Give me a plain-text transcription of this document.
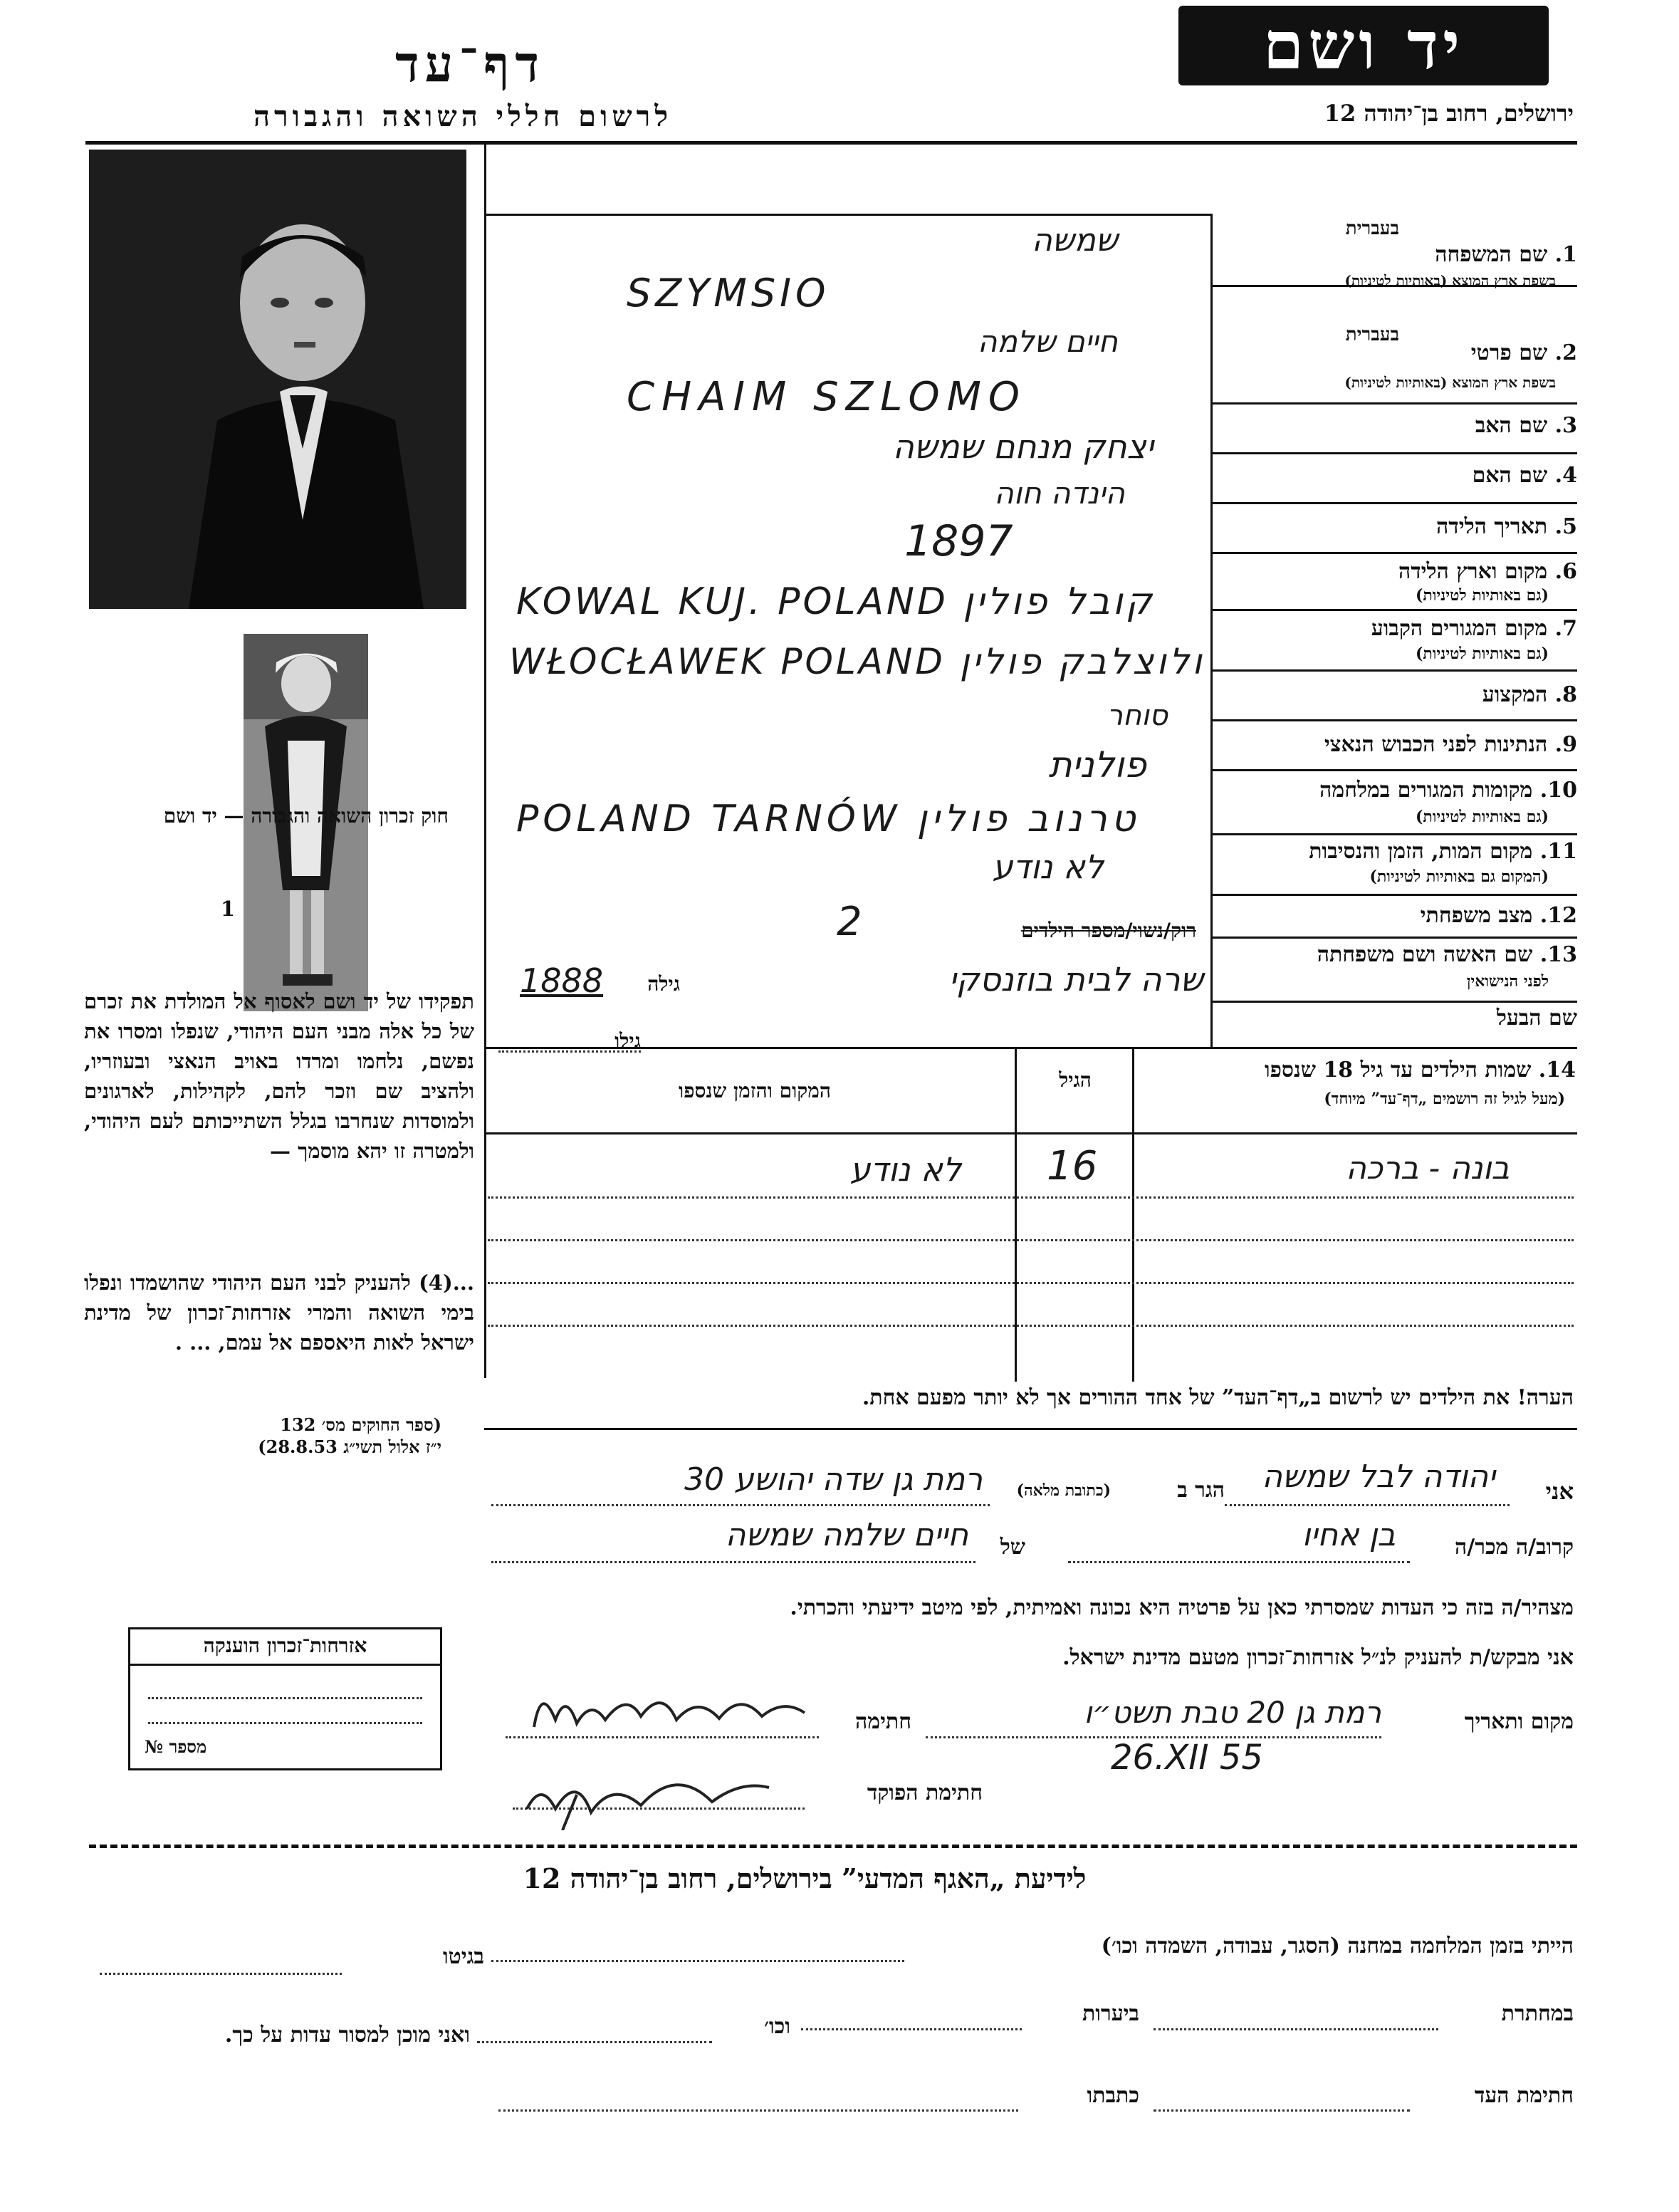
יד ושם
דף־עד
לרשום חללי השואה והגבורה	ירושלים, רחוב בן־יהודה 12
חוק זכרון השואה והגבורה — יד ושם
1
תפקידו של יד ושם לאסוף אל המולדת את זכרם של כל אלה מבני העם היהודי, שנפלו ומסרו את נפשם, נלחמו ומרדו באויב הנאצי ובעוזריו, ולהציב שם וזכר להם, לקהילות, לארגונים ולמוסדות שנחרבו בגלל השתייכותם לעם היהודי, ולמטרה זו יהא מוסמך —
...(4) להעניק לבני העם היהודי שהושמדו ונפלו בימי השואה והמרי אזרחות־זכרון של מדינת ישראל לאות היאספם אל עמם, ... .
(ספר החוקים מס׳ 132
י״ז אלול תשי״ג 28.8.53)
אזרחות־זכרון הוענקה
מספר №
1. שם המשפחה
בעברית
בשפת ארץ המוצא (באותיות לטיניות)
בעברית
2. שם פרטי
בשפת ארץ המוצא (באותיות לטיניות)
3. שם האב
4. שם האם
5. תאריך הלידה
6. מקום וארץ הלידה
(גם באותיות לטיניות)
7. מקום המגורים הקבוע
(גם באותיות לטיניות)
8. המקצוע
9. הנתינות לפני הכבוש הנאצי
10. מקומות המגורים במלחמה
(גם באותיות לטיניות)
11. מקום המות, הזמן והנסיבות
(המקום גם באותיות לטיניות)
12. מצב משפחתי
13. שם האשה ושם משפחתה
לפני הנישואין
שם הבעל
שמשה
SZYMSIO
חיים שלמה
CHAIM SZLOMO
יצחק מנחם שמשה
הינדה חוה
1897
KOWAL KUJ. POLAND קובל פולין
WŁOCŁAWEK POLAND ולוצלבק פולין
סוחר
פולנית
POLAND TARNÓW טרנוב פולין
לא נודע
רוק/נשוי/מספר הילדים
2
שרה לבית בוזנסקי
גילה
1888
גילו
14. שמות הילדים עד גיל 18 שנספו
(מעל לגיל זה רושמים „דף־עד” מיוחד)
הגיל
המקום והזמן שנספו
בונה - ברכה
16
לא נודע
הערה! את הילדים יש לרשום ב„דף־העד” של אחד ההורים אך לא יותר מפעם אחת.
אני
יהודה לבל שמשה
הגר ב
(כתובת מלאה)
רמת גן שדה יהושע 30
קרוב/ה מכר/ה
בן אחיו
של
חיים שלמה שמשה
מצהיר/ה בזה כי העדות שמסרתי כאן על פרטיה היא נכונה ואמיתית, לפי מיטב ידיעתי והכרתי.
אני מבקש/ת להעניק לנ״ל אזרחות־זכרון מטעם מדינת ישראל.
מקום ותאריך
רמת גן 20 טבת תשט״ו
חתימה
26.XII 55
חתימת הפוקד
לידיעת „האגף המדעי” בירושלים, רחוב בן־יהודה 12
הייתי בזמן המלחמה במחנה (הסגר, עבודה, השמדה וכו׳)
בגיטו
במחתרת
ביערות
וכו׳
ואני מוכן למסור עדות על כך.
חתימת העד
כתבתו
